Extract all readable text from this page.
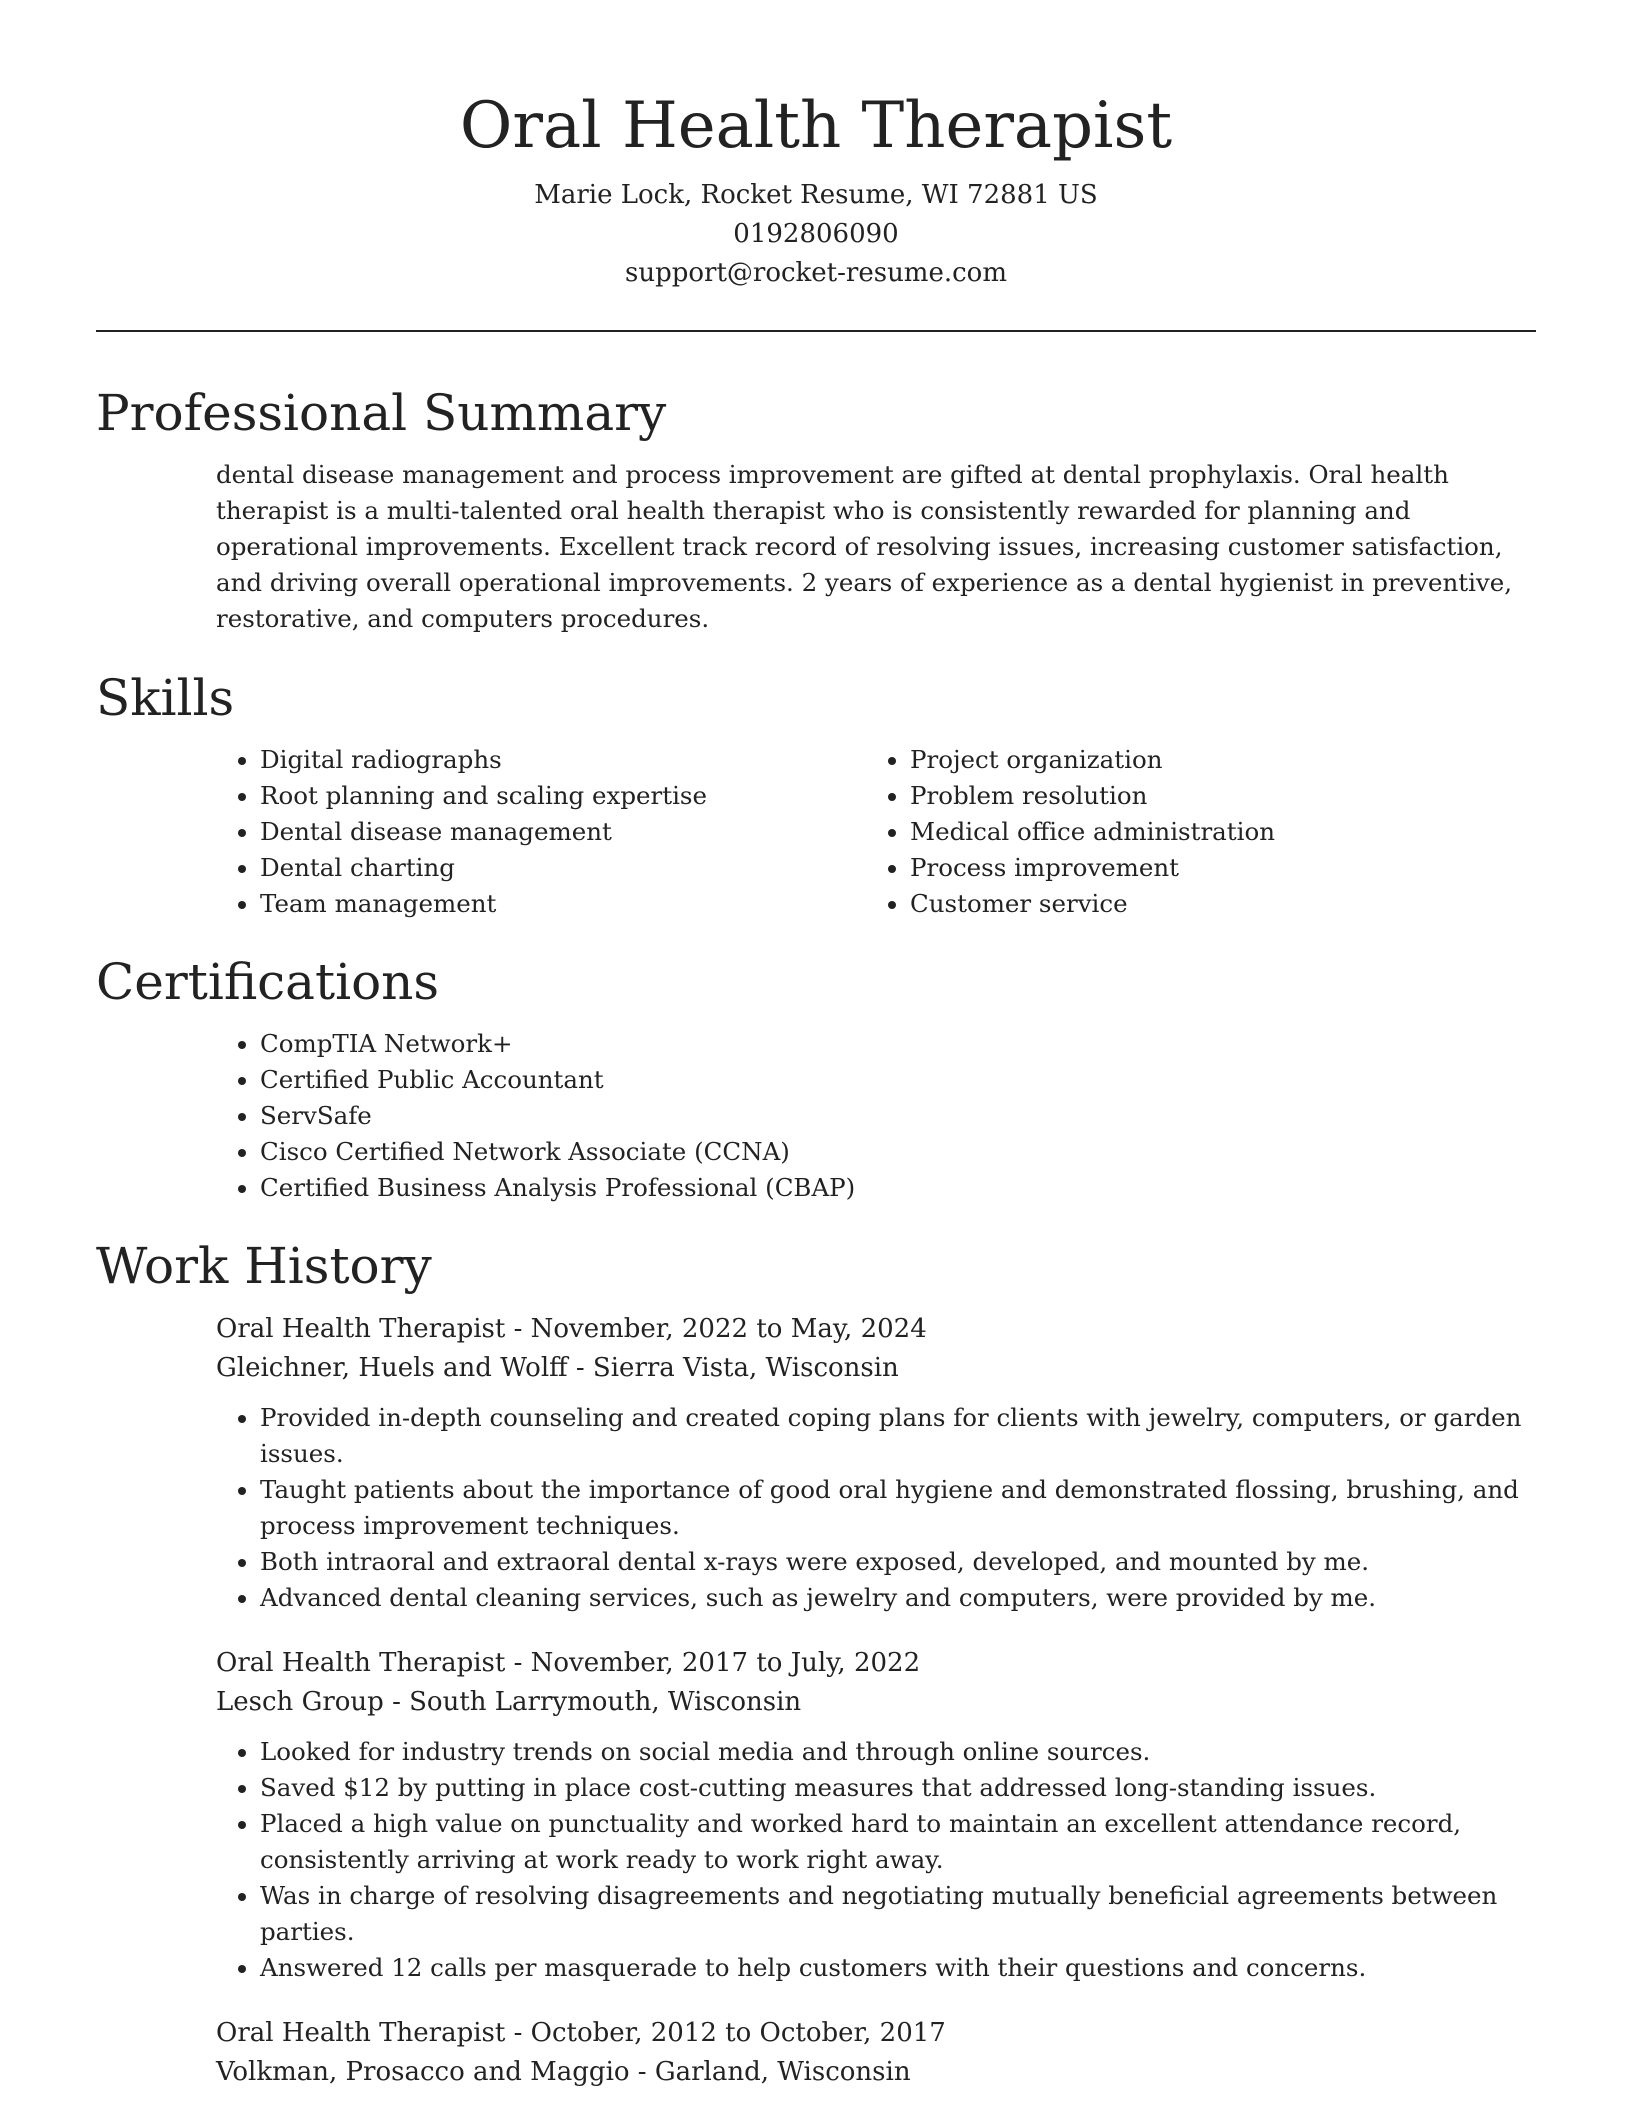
Oral Health Therapist

Marie Lock, Rocket Resume, WI 72881 US

0192806090

support@rocket-resume.com

Professional Summary

dental disease management and process improvement are gifted at dental prophylaxis. Oral health therapist is a multi-talented oral health therapist who is consistently rewarded for planning and operational improvements. Excellent track record of resolving issues, increasing customer satisfaction, and driving overall operational improvements. 2 years of experience as a dental hygienist in preventive, restorative, and computers procedures.

Skills
• Digital radiographs
• Root planning and scaling expertise
• Dental disease management
• Dental charting
• Team management
• Project organization
• Problem resolution
• Medical office administration
• Process improvement
• Customer service
Certifications
• CompTIA Network+
• Certified Public Accountant
• ServSafe
• Cisco Certified Network Associate (CCNA)
• Certified Business Analysis Professional (CBAP)
Work History

Oral Health Therapist - November, 2022 to May, 2024

Gleichner, Huels and Wolff - Sierra Vista, Wisconsin

• Provided in-depth counseling and created coping plans for clients with jewelry, computers, or garden issues.
• Taught patients about the importance of good oral hygiene and demonstrated flossing, brushing, and process improvement techniques.
• Both intraoral and extraoral dental x-rays were exposed, developed, and mounted by me.
• Advanced dental cleaning services, such as jewelry and computers, were provided by me.

Oral Health Therapist - November, 2017 to July, 2022

Lesch Group - South Larrymouth, Wisconsin

• Looked for industry trends on social media and through online sources.
• Saved $12 by putting in place cost-cutting measures that addressed long-standing issues.
• Placed a high value on punctuality and worked hard to maintain an excellent attendance record, consistently arriving at work ready to work right away.
• Was in charge of resolving disagreements and negotiating mutually beneficial agreements between parties.
• Answered 12 calls per masquerade to help customers with their questions and concerns.

Oral Health Therapist - October, 2012 to October, 2017

Volkman, Prosacco and Maggio - Garland, Wisconsin
